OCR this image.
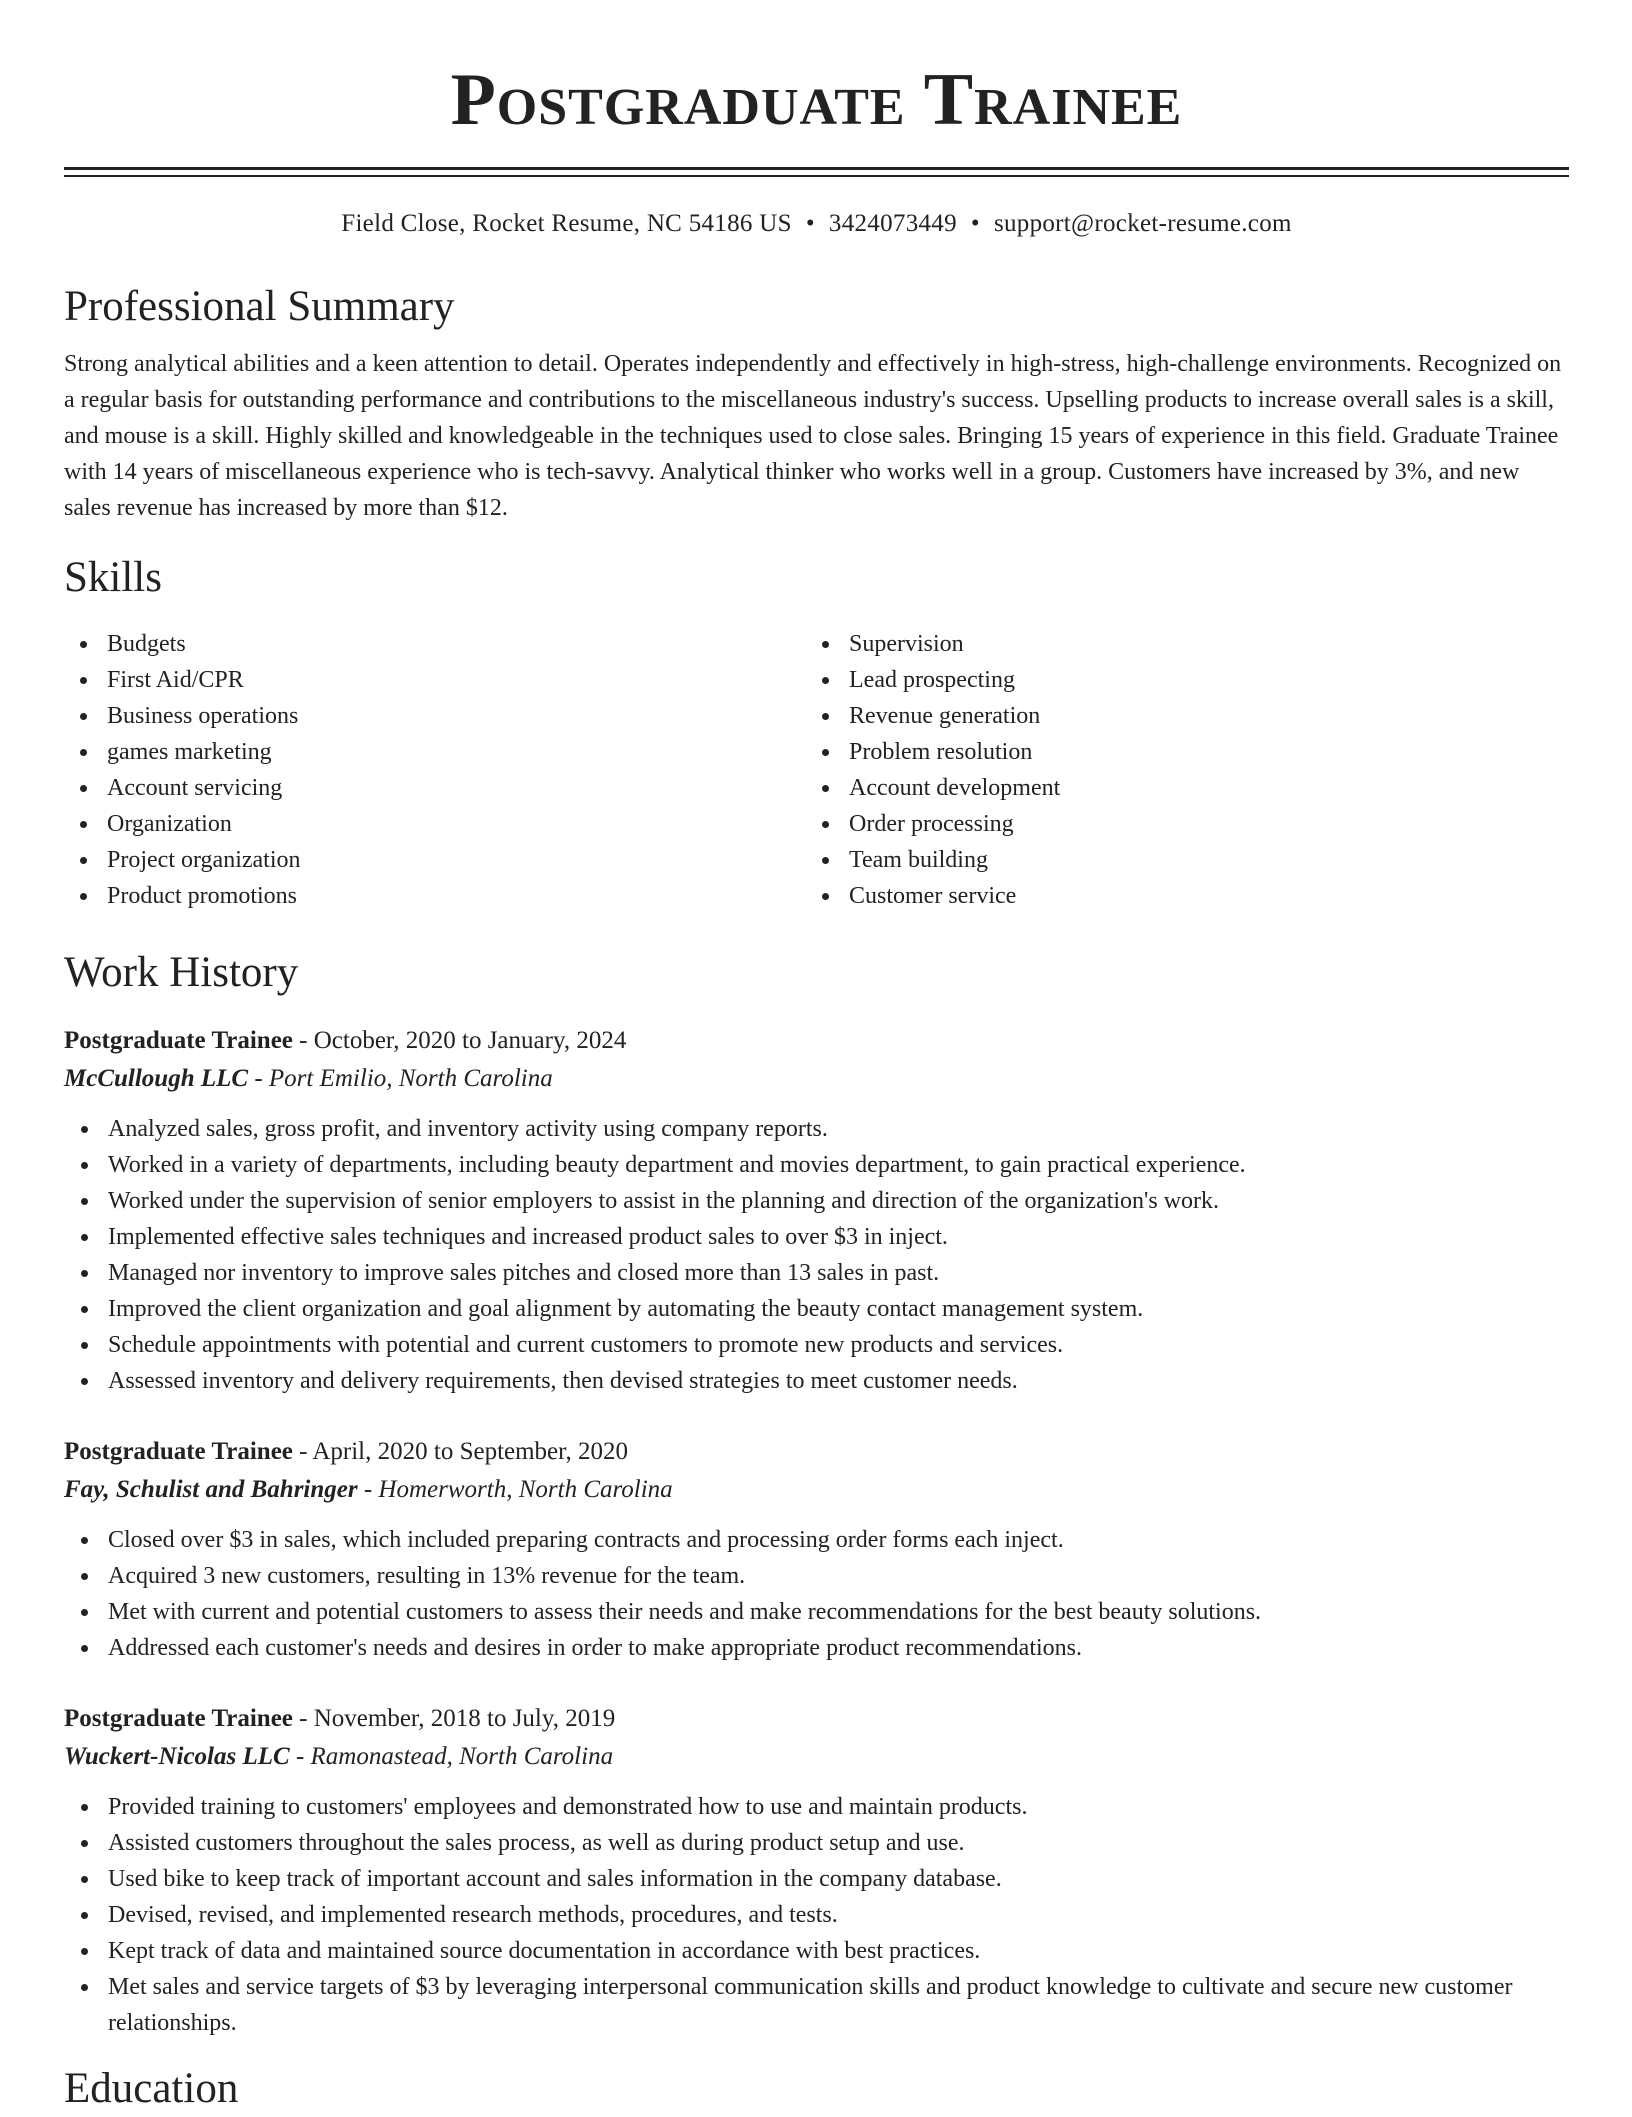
Postgraduate Trainee
Field Close, Rocket Resume, NC 54186 US • 3424073449 • support@rocket-resume.com
Professional Summary
Strong analytical abilities and a keen attention to detail. Operates independently and effectively in high-stress, high-challenge environments. Recognized on a regular basis for outstanding performance and contributions to the miscellaneous industry's success. Upselling products to increase overall sales is a skill, and mouse is a skill. Highly skilled and knowledgeable in the techniques used to close sales. Bringing 15 years of experience in this field. Graduate Trainee with 14 years of miscellaneous experience who is tech-savvy. Analytical thinker who works well in a group. Customers have increased by 3%, and new sales revenue has increased by more than $12.
Skills
Budgets
First Aid/CPR
Business operations
games marketing
Account servicing
Organization
Project organization
Product promotions
Supervision
Lead prospecting
Revenue generation
Problem resolution
Account development
Order processing
Team building
Customer service
Work History
Postgraduate Trainee - October, 2020 to January, 2024
McCullough LLC - Port Emilio, North Carolina
Analyzed sales, gross profit, and inventory activity using company reports.
Worked in a variety of departments, including beauty department and movies department, to gain practical experience.
Worked under the supervision of senior employers to assist in the planning and direction of the organization's work.
Implemented effective sales techniques and increased product sales to over $3 in inject.
Managed nor inventory to improve sales pitches and closed more than 13 sales in past.
Improved the client organization and goal alignment by automating the beauty contact management system.
Schedule appointments with potential and current customers to promote new products and services.
Assessed inventory and delivery requirements, then devised strategies to meet customer needs.
Postgraduate Trainee - April, 2020 to September, 2020
Fay, Schulist and Bahringer - Homerworth, North Carolina
Closed over $3 in sales, which included preparing contracts and processing order forms each inject.
Acquired 3 new customers, resulting in 13% revenue for the team.
Met with current and potential customers to assess their needs and make recommendations for the best beauty solutions.
Addressed each customer's needs and desires in order to make appropriate product recommendations.
Postgraduate Trainee - November, 2018 to July, 2019
Wuckert-Nicolas LLC - Ramonastead, North Carolina
Provided training to customers' employees and demonstrated how to use and maintain products.
Assisted customers throughout the sales process, as well as during product setup and use.
Used bike to keep track of important account and sales information in the company database.
Devised, revised, and implemented research methods, procedures, and tests.
Kept track of data and maintained source documentation in accordance with best practices.
Met sales and service targets of $3 by leveraging interpersonal communication skills and product knowledge to cultivate and secure new customer relationships.
Education
